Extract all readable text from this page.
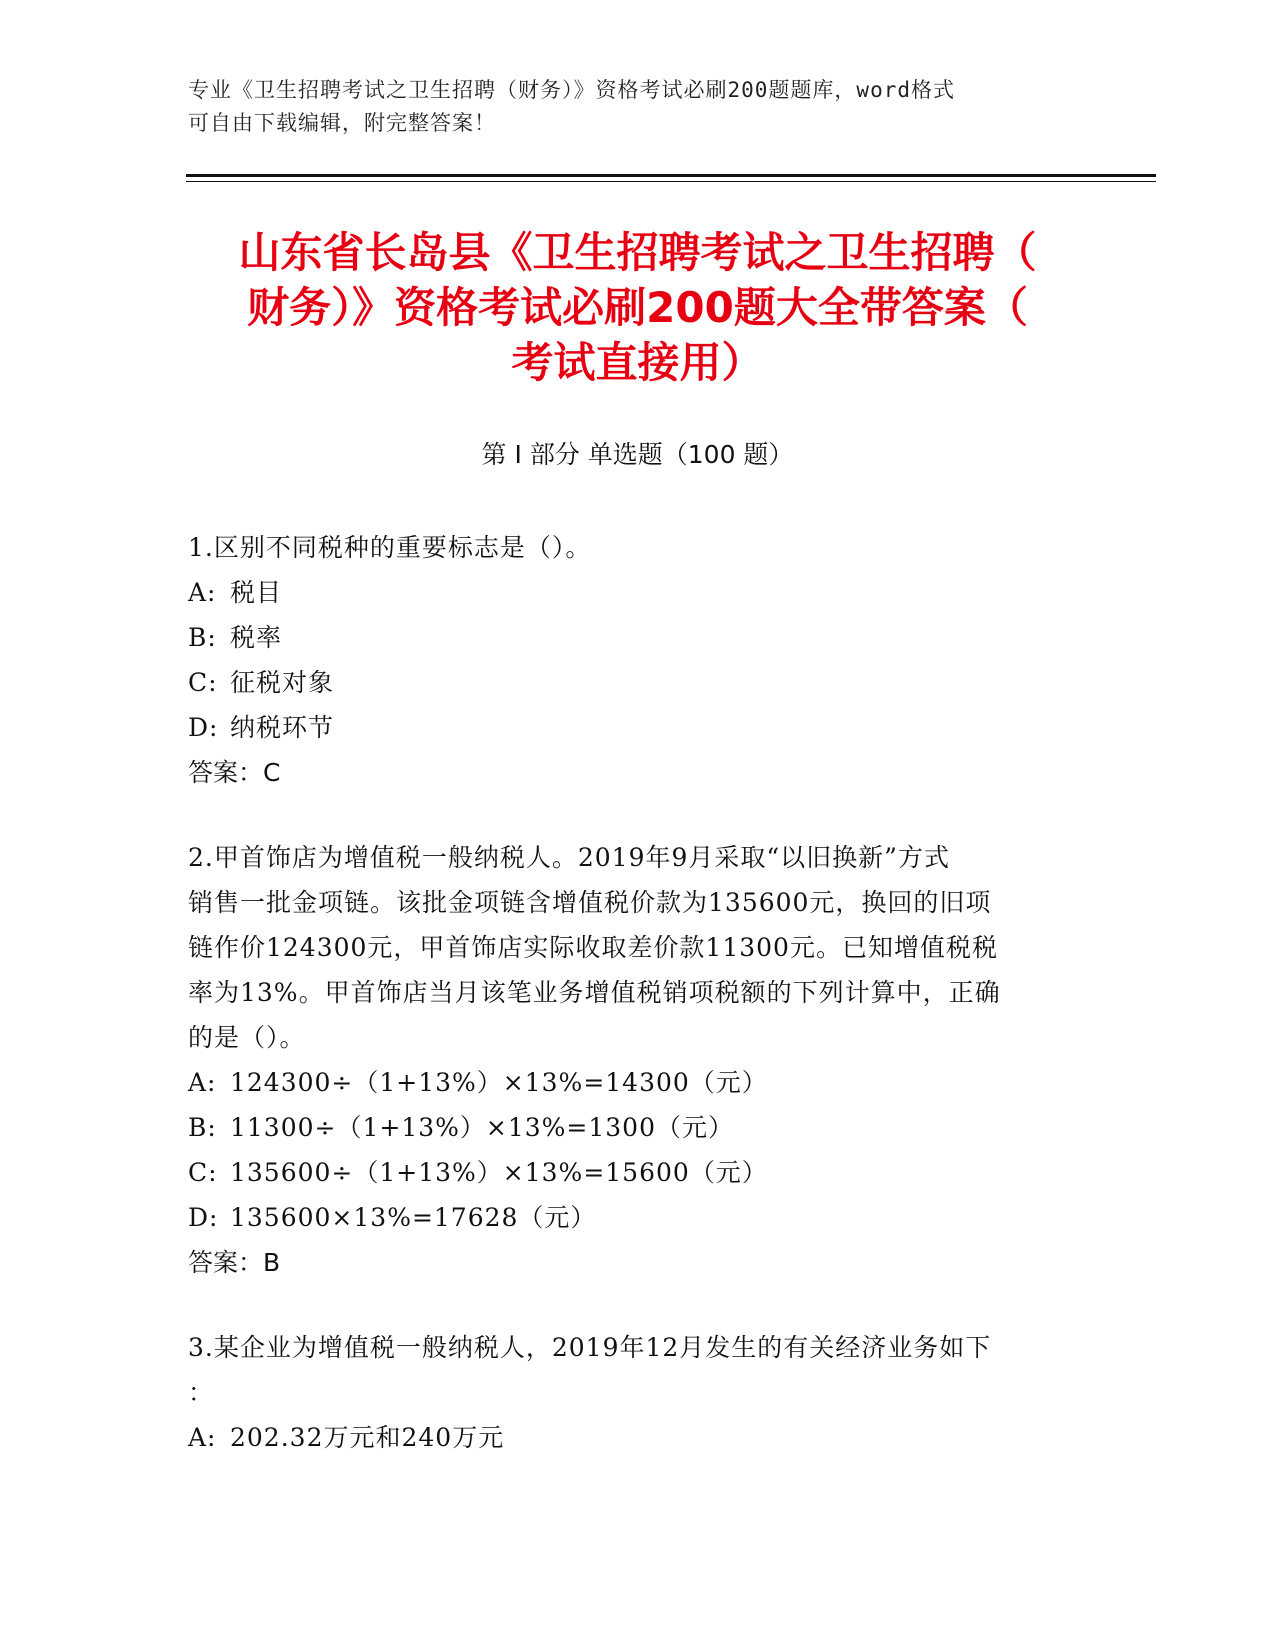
专业《卫生招聘考试之卫生招聘（财务）》资格考试必刷200题题库，word格式
可自由下载编辑，附完整答案！
山东省长岛县《卫生招聘考试之卫生招聘（
财务）》资格考试必刷200题大全带答案（
考试直接用）
第 I 部分 单选题（100 题）
1.区别不同税种的重要标志是（）。
A: 税目
B: 税率
C: 征税对象
D: 纳税环节
答案：C
2.甲首饰店为增值税一般纳税人。2019年9月采取“以旧换新”方式
销售一批金项链。该批金项链含增值税价款为135600元，换回的旧项
链作价124300元，甲首饰店实际收取差价款11300元。已知增值税税
率为13%。甲首饰店当月该笔业务增值税销项税额的下列计算中，正确
的是（）。
A: 124300÷（1+13%）×13%=14300（元）
B: 11300÷（1+13%）×13%=1300（元）
C: 135600÷（1+13%）×13%=15600（元）
D: 135600×13%=17628（元）
答案：B
3.某企业为增值税一般纳税人，2019年12月发生的有关经济业务如下
：
A: 202.32万元和240万元
